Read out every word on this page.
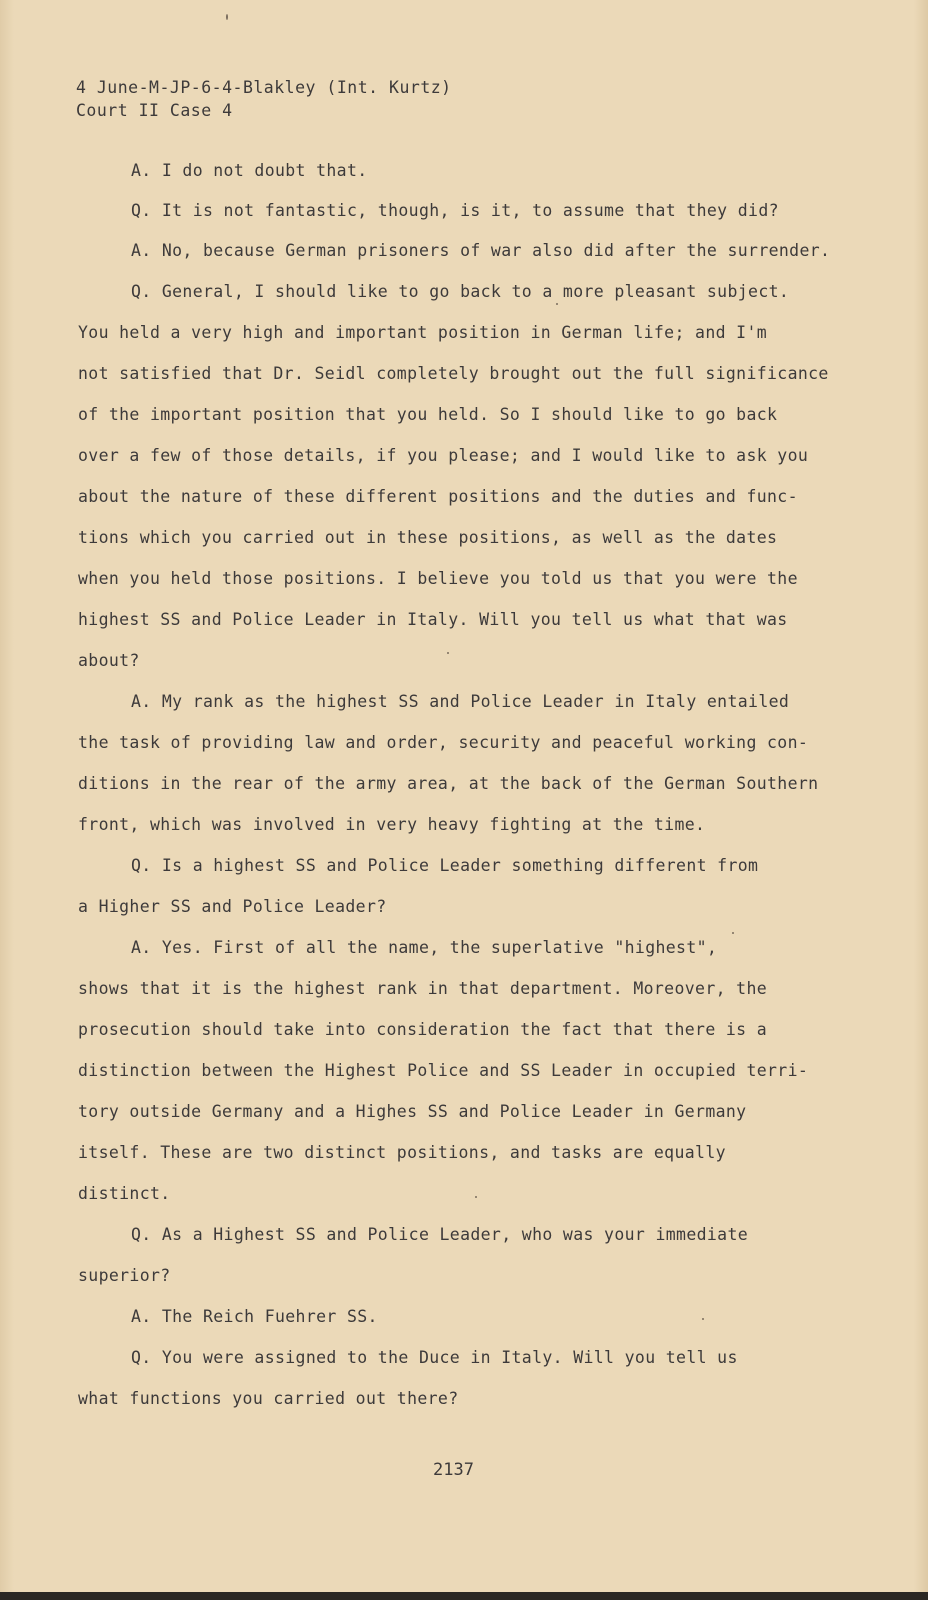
4 June-M-JP-6-4-Blakley (Int. Kurtz)
Court II Case 4
A. I do not doubt that.
Q. It is not fantastic, though, is it, to assume that they did?
A. No, because German prisoners of war also did after the surrender.
Q. General, I should like to go back to a more pleasant subject.
You held a very high and important position in German life; and I'm
not satisfied that Dr. Seidl completely brought out the full significance
of the important position that you held. So I should like to go back
over a few of those details, if you please; and I would like to ask you
about the nature of these different positions and the duties and func-
tions which you carried out in these positions, as well as the dates
when you held those positions. I believe you told us that you were the
highest SS and Police Leader in Italy. Will you tell us what that was
about?
A. My rank as the highest SS and Police Leader in Italy entailed
the task of providing law and order, security and peaceful working con-
ditions in the rear of the army area, at the back of the German Southern
front, which was involved in very heavy fighting at the time.
Q. Is a highest SS and Police Leader something different from
a Higher SS and Police Leader?
A. Yes. First of all the name, the superlative "highest",
shows that it is the highest rank in that department. Moreover, the
prosecution should take into consideration the fact that there is a
distinction between the Highest Police and SS Leader in occupied terri-
tory outside Germany and a Highes SS and Police Leader in Germany
itself. These are two distinct positions, and tasks are equally
distinct.
Q. As a Highest SS and Police Leader, who was your immediate
superior?
A. The Reich Fuehrer SS.
Q. You were assigned to the Duce in Italy. Will you tell us
what functions you carried out there?
2137
